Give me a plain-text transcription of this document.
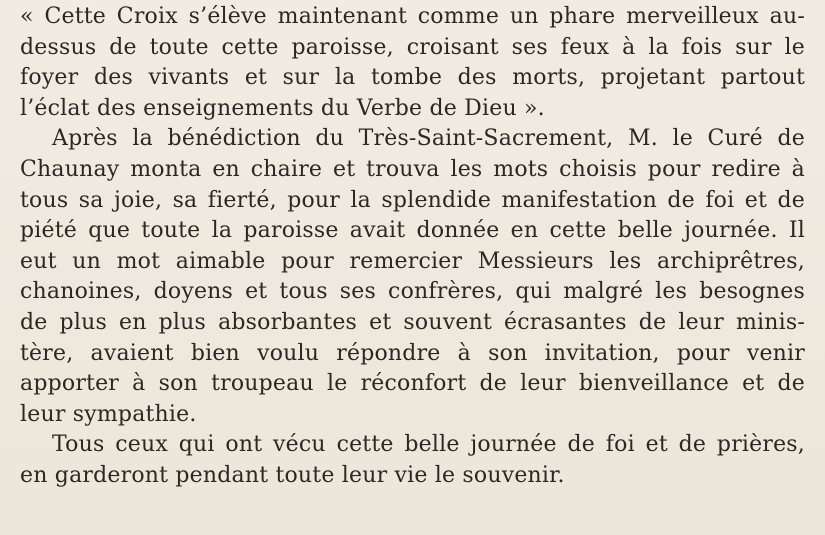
« Cette Croix s’élève maintenant comme un phare merveilleux au-
dessus de toute cette paroisse, croisant ses feux à la fois sur le
foyer des vivants et sur la tombe des morts, projetant partout
l’éclat des enseignements du Verbe de Dieu ».
Après la bénédiction du Très-Saint-Sacrement, M. le Curé de
Chaunay monta en chaire et trouva les mots choisis pour redire à
tous sa joie, sa fierté, pour la splendide manifestation de foi et de
piété que toute la paroisse avait donnée en cette belle journée. Il
eut un mot aimable pour remercier Messieurs les archiprêtres,
chanoines, doyens et tous ses confrères, qui malgré les besognes
de plus en plus absorbantes et souvent écrasantes de leur minis-
tère, avaient bien voulu répondre à son invitation, pour venir
apporter à son troupeau le réconfort de leur bienveillance et de
leur sympathie.
Tous ceux qui ont vécu cette belle journée de foi et de prières,
en garderont pendant toute leur vie le souvenir.
